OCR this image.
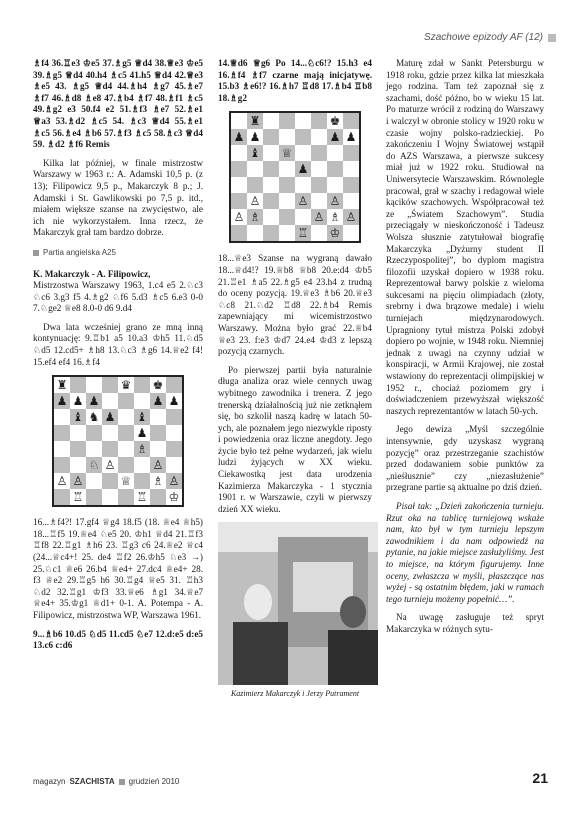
Szachowe epizody AF (12)

♗f4 36.♖e3 ♔e5 37.♗g5 ♕d4 38.♕e3 ♔e5 39.♗g5 ♕d4 40.h4 ♗c5 41.h5 ♕d4 42.♕e3 ♗e5 43. ♗g5 ♕d4 44.♗h4 ♗g7 45.♗e7 ♗f7 46.♗d8 ♗e8 47.♗b4 ♗f7 48.♗f1 ♗c5 49.♗g2 e3 50.f4 e2 51.♗f3 ♗e7 52.♗e1 ♕a3 53.♗d2 ♗c5 54. ♗c3 ♕d4 55.♗e1 ♗c5 56.♗e4 ♗b6 57.♗f3 ♗c5 58.♗c3 ♕d4 59. ♗d2 ♗f6 Remis

Kilka lat później, w finale mistrzostw Warszawy w 1963 r.: A. Adamski 10,5 p. (z 13); Filipowicz 9,5 p., Makarczyk 8 p.; J. Adamski i St. Gawlikowski po 7,5 p. itd., miałem większe szanse na zwycięstwo, ale ich nie wykorzystałem. Inna rzecz, że Makarczyk grał tam bardzo dobrze.

Partia angielska A25

K. Makarczyk - A. Filipowicz,

Mistrzostwa Warszawy 1963, 1.c4 e5 2.♘c3 ♘c6 3.g3 f5 4.♗g2 ♘f6 5.d3 ♗c5 6.e3 0-0 7.♘ge2 ♕e8 8.0-0 d6 9.d4

Dwa lata wcześniej grano ze mną inną kontynuację: 9.♖b1 a5 10.a3 ♔h5 11.♘d5 ♘d5 12.cd5+ ♗h8 13.♘c3 ♗g6 14.♕e2 f4! 15.ef4 ef4 16.♗f4

♜	♛ ♚
♟ ♟ ♟	♟ ♟
♝ ♞ ♟ ♝
♟
♗
♘ ♙	♙
♙ ♙	♕ ♗ ♙
♖	♖ ♔

16...♗f4?! 17.gf4 ♕g4 18.f5 (18. ♕e4 ♕h5) 18...♖f5 19.♕e4 ♘e5 20. ♔h1 ♕d4 21.♖f3 ♖f8 22.♖g1 ♗h6 23. ♖g3 c6 24.♕e2 ♕c4 (24...♕c4+! 25. de4 ♖f2 26.♔h5 ♘e3 →) 25.♘c1 ♕e6 26.b4 ♕e4+ 27.dc4 ♕e4+ 28. f3 ♕e2 29.♖g5 h6 30.♖g4 ♕e5 31. ♖h3 ♘d2 32.♖g1 ♔f3 33.♕e6 ♗g1 34.♕e7 ♕e4+ 35.♔g1 ♕d1+ 0-1. A. Potempa - A. Filipowicz, mistrzostwa WP, Warszawa 1961.

9...♗b6 10.d5 ♘d5 11.cd5 ♘e7 12.d:e5 d:e5 13.c6 c:d6

14.♕d6 ♕g6 Po 14...♘c6!? 15.h3 e4 16.♗f4 ♗f7 czarne mają inicjatywę. 15.b3 ♗e6!? 16.♗h7 ♖d8 17.♗b4 ♖b8 18.♗g2

♜	♚
♟ ♟	♟ ♟
♝ ♕
♟
♙	♙ ♙
♙ ♗	♙ ♗ ♙
♖ ♔

18...♕e3 Szanse na wygraną dawało 18...♕d4!? 19.♕b8 ♕b8 20.e:d4 ♔b5 21.♖e1 ♗a5 22.♗g5 e4 23.h4 z trudną do oceny pozycją. 19.♕e3 ♗b6 20.♕e3 ♘c8 21.♘d2 ♖d8 22.♗b4 Remis zapewniający mi wicemistrzostwo Warszawy. Można było grać 22.♕b4 ♕e3 23. f:e3 ♔d7 24.e4 ♔d3 z lepszą pozycją czarnych.

Po pierwszej partii była naturalnie długa analiza oraz wiele cennych uwag wybitnego zawodnika i trenera. Z jego trenerską działalnością już nie zetknąłem się, bo szkolił naszą kadrę w latach 50-ych, ale poznałem jego niezwykle riposty i powiedzenia oraz liczne anegdoty. Jego życie było też pełne wydarzeń, jak wielu ludzi żyjących w XX wieku. Ciekawostką jest data urodzenia Kazimierza Makarczyka - 1 stycznia 1901 r. w Warszawie, czyli w pierwszy dzień XX wieku.

Kazimierz Makarczyk i Jerzy Putrament

Maturę zdał w Sankt Petersburgu w 1918 roku, gdzie przez kilka lat mieszkała jego rodzina. Tam też zapoznał się z szachami, dość późno, bo w wieku 15 lat. Po maturze wrócił z rodziną do Warszawy i walczył w obronie stolicy w 1920 roku w czasie wojny polsko-radzieckiej. Po zakończeniu I Wojny Światowej wstąpił do AZS Warszawa, a pierwsze sukcesy miał już w 1922 roku. Studiował na Uniwersytecie Warszawskim. Równolegle pracował, grał w szachy i redagował wiele kącików szachowych. Współpracował też ze „Światem Szachowym”. Studia przeciągały w nieskończoność i Tadeusz Wolsza słusznie zatytułował biografię Makarczyka „Dyżurny student II Rzeczypospolitej”, bo dyplom magistra filozofii uzyskał dopiero w 1938 roku. Reprezentował barwy polskie z wielomа sukcesami na pięciu olimpiadach (złoty, srebrny i dwa brązowe medale) i wielu turniejach międzynarodowych. Upragniony tytuł mistrza Polski zdobył dopiero po wojnie, w 1948 roku. Niemniej jednak z uwagi na czynny udział w konspiracji, w Armii Krajowej, nie został wstawiony do reprezentacji olimpijskiej w 1952 r., chociaż poziomem gry i doświadczeniem przewyższał większość naszych reprezentantów w latach 50-ych.

Jego dewiza „Myśl szczególnie intensywnie, gdy uzyskasz wygraną pozycję” oraz przestrzeganie szachistów przed dodawaniem sobie punktów za „nieśłusznie” czy „niezasłużenie” przegrane partie są aktualne po dziś dzień.

Pisał tak: „Dzień zakończenia turnieju. Rzut oka na tablicę turniejową wskaże nam, kto był w tym turnieju lepszym zawodnikiem i da nam odpowiedź na pytanie, na jakie miejsce zasłużyliśmy. Jest to miejsce, na którym figurujemy. Inne oceny, zwłaszcza w myśli, płaszczące nas wyżej - są ostatnim błędem, jaki w ramach tego turnieju możemy popełnić…”.

Na uwagę zasługuje też spryt Makarczyka w różnych sytu-

magazyn SZACHISTA grudzień 2010	21
